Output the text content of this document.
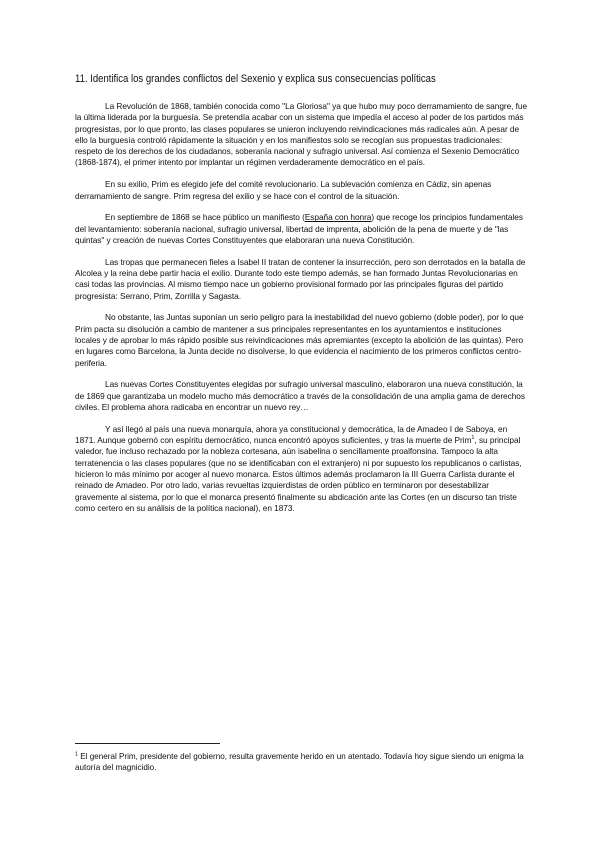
11. Identifica los grandes conflictos del Sexenio y explica sus consecuencias políticas

La Revolución de 1868, también conocida como "La Gloriosa" ya que hubo muy poco derramamiento de sangre, fue la última liderada por la burguesía. Se pretendía acabar con un sistema que impedía el acceso al poder de los partidos más progresistas, por lo que pronto, las clases populares se unieron incluyendo reivindicaciones más radicales aún. A pesar de ello la burguesía controló rápidamente la situación y en los manifiestos solo se recogían sus propuestas tradicionales: respeto de los derechos de los ciudadanos, soberanía nacional y sufragio universal. Así comienza el Sexenio Democrático (1868-1874), el primer intento por implantar un régimen verdaderamente democrático en el país.

En su exilio, Prim es elegido jefe del comité revolucionario. La sublevación comienza en Cádiz, sin apenas derramamiento de sangre. Prim regresa del exilio y se hace con el control de la situación.

En septiembre de 1868 se hace público un manifiesto (España con honra) que recoge los principios fundamentales del levantamiento: soberanía nacional, sufragio universal, libertad de imprenta, abolición de la pena de muerte y de "las quintas" y creación de nuevas Cortes Constituyentes que elaboraran una nueva Constitución.

Las tropas que permanecen fieles a Isabel II tratan de contener la insurrección, pero son derrotados en la batalla de Alcolea y la reina debe partir hacia el exilio. Durante todo este tiempo además, se han formado Juntas Revolucionarias en casi todas las provincias. Al mismo tiempo nace un gobierno provisional formado por las principales figuras del partido progresista: Serrano, Prim, Zorrilla y Sagasta.

No obstante, las Juntas suponían un serio peligro para la inestabilidad del nuevo gobierno (doble poder), por lo que Prim pacta su disolución a cambio de mantener a sus principales representantes en los ayuntamientos e instituciones locales y de aprobar lo más rápido posible sus reivindicaciones más apremiantes (excepto la abolición de las quintas). Pero en lugares como Barcelona, la Junta decide no disolverse, lo que evidencia el nacimiento de los primeros conflictos centro-periferia.

Las nuevas Cortes Constituyentes elegidas por sufragio universal masculino, elaboraron una nueva constitución, la de 1869 que garantizaba un modelo mucho más democrático a través de la consolidación de una amplia gama de derechos civiles. El problema ahora radicaba en encontrar un nuevo rey…

Y así llegó al país una nueva monarquía, ahora ya constitucional y democrática, la de Amadeo I de Saboya, en 1871. Aunque gobernó con espíritu democrático, nunca encontró apoyos suficientes, y tras la muerte de Prim$^1$, su principal valedor, fue incluso rechazado por la nobleza cortesana, aún isabelina o sencillamente proalfonsina. Tampoco la alta terratenencia o las clases populares (que no se identificaban con el extranjero) ni por supuesto los republicanos o carlistas, hicieron lo más mínimo por acoger al nuevo monarca. Estos últimos además proclamaron la III Guerra Carlista durante el reinado de Amadeo. Por otro lado, varias revueltas izquierdistas de orden público en terminaron por desestabilizar gravemente al sistema, por lo que el monarca presentó finalmente su abdicación ante las Cortes (en un discurso tan triste como certero en su análisis de la política nacional), en 1873.

$^1$ El general Prim, presidente del gobierno, resulta gravemente herido en un atentado. Todavía hoy sigue siendo un enigma la autoría del magnicidio.
